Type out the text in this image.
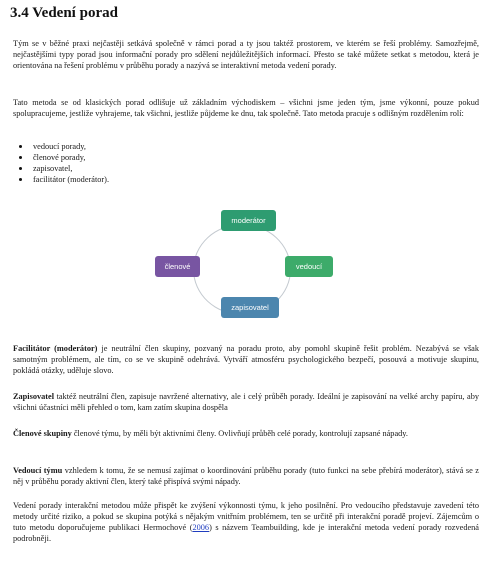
3.4 Vedení porad

Tým se v běžné praxi nejčastěji setkává společně v rámci porad a ty jsou taktéž prostorem, ve kterém se řeší problémy. Samozřejmě, nejčastějšími typy porad jsou informační porady pro sdělení nejdůležitějších informací. Přesto se také můžete setkat s metodou, která je orientována na řešení problému v průběhu porady a nazývá se interaktivní metoda vedení porady.

Tato metoda se od klasických porad odlišuje už základním východiskem – všichni jsme jeden tým, jsme výkonní, pouze pokud spolupracujeme, jestliže vyhrajeme, tak všichni, jestliže půjdeme ke dnu, tak společně. Tato metoda pracuje s odlišným rozdělením rolí:

vedoucí porady,
členové porady,
zapisovatel,
facilitátor (moderátor).
moderátor
vedoucí
zapisovatel
členové

Facilitátor (moderátor) je neutrální člen skupiny, pozvaný na poradu proto, aby pomohl skupině řešit problém. Nezabývá se však samotným problémem, ale tím, co se ve skupině odehrává. Vytváří atmosféru psychologického bezpečí, posouvá a motivuje skupinu, pokládá otázky, uděluje slovo.

Zapisovatel taktéž neutrální člen, zapisuje navržené alternativy, ale i celý průběh porady. Ideální je zapisování na velké archy papíru, aby všichni účastníci měli přehled o tom, kam zatím skupina dospěla

Členové skupiny členové týmu, by měli být aktivními členy. Ovlivňují průběh celé porady, kontrolují zapsané nápady.

Vedoucí týmu vzhledem k tomu, že se nemusí zajímat o koordinování průběhu porady (tuto funkci na sebe přebírá moderátor), stává se z něj v průběhu porady aktivní člen, který také přispívá svými nápady.

Vedení porady interakční metodou může přispět ke zvýšení výkonnosti týmu, k jeho posilnění. Pro vedoucího představuje zavedení této metody určité riziko, a pokud se skupina potýká s nějakým vnitřním problémem, ten se určitě při interakční poradě projeví. Zájemcům o tuto metodu doporučujeme publikaci Hermochové (2006) s názvem Teambuilding, kde je interakční metoda vedení porady rozvedená podrobněji.
